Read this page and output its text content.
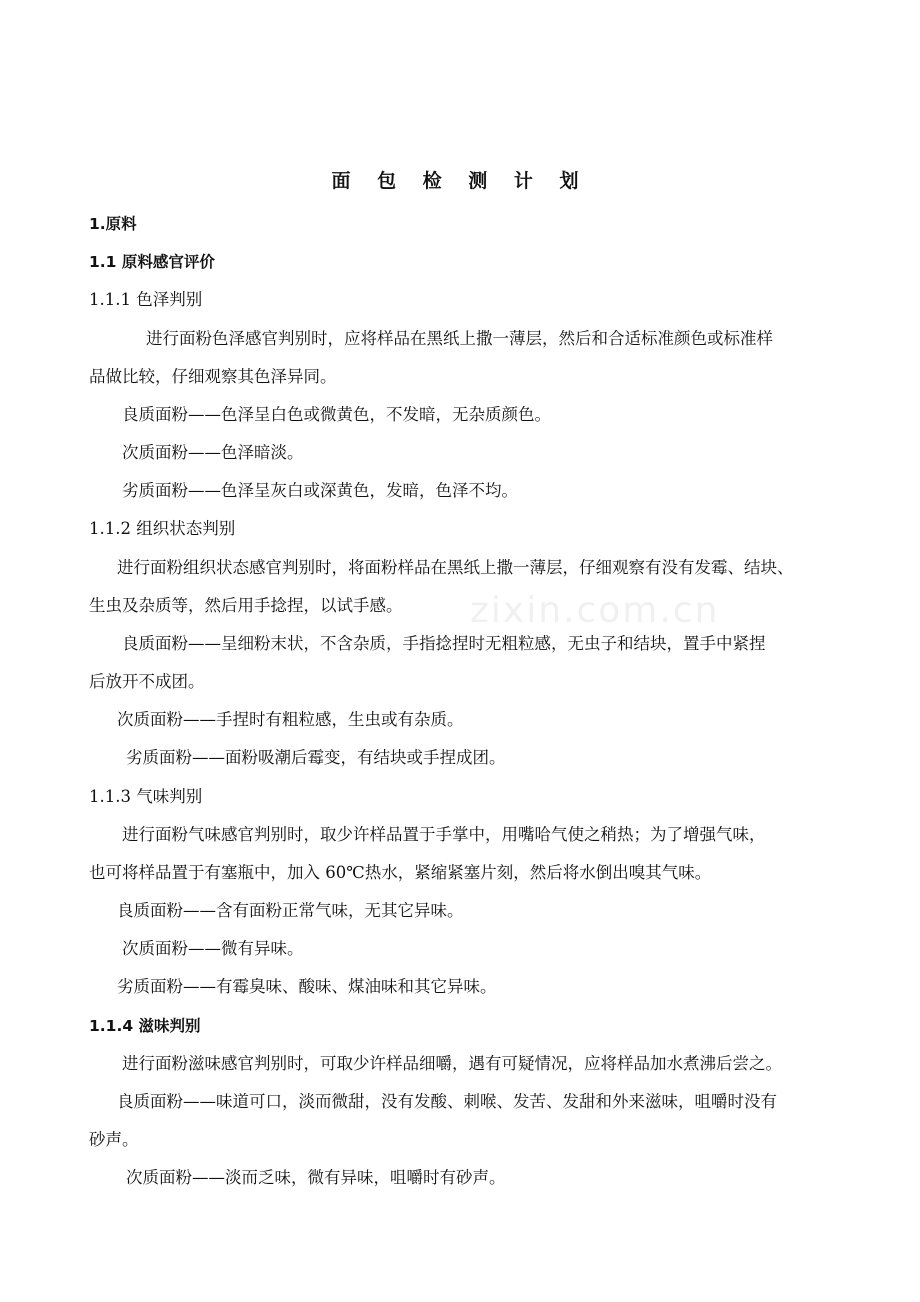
zixin.com.cn
面 包 检 测 计 划
1.原料
1.1 原料感官评价
1.1.1 色泽判别
进行面粉色泽感官判别时，应将样品在黑纸上撒一薄层，然后和合适标准颜色或标准样
品做比较，仔细观察其色泽异同。
良质面粉——色泽呈白色或微黄色，不发暗，无杂质颜色。
次质面粉——色泽暗淡。
劣质面粉——色泽呈灰白或深黄色，发暗，色泽不均。
1.1.2 组织状态判别
进行面粉组织状态感官判别时，将面粉样品在黑纸上撒一薄层，仔细观察有没有发霉、结块、
生虫及杂质等，然后用手捻捏，以试手感。
良质面粉——呈细粉末状，不含杂质，手指捻捏时无粗粒感，无虫子和结块，置手中紧捏
后放开不成团。
次质面粉——手捏时有粗粒感，生虫或有杂质。
劣质面粉——面粉吸潮后霉变，有结块或手捏成团。
1.1.3 气味判别
进行面粉气味感官判别时，取少许样品置于手掌中，用嘴哈气使之稍热；为了增强气味，
也可将样品置于有塞瓶中，加入 60℃热水，紧缩紧塞片刻，然后将水倒出嗅其气味。
良质面粉——含有面粉正常气味，无其它异味。
次质面粉——微有异味。
劣质面粉——有霉臭味、酸味、煤油味和其它异味。
1.1.4 滋味判别
进行面粉滋味感官判别时，可取少许样品细嚼，遇有可疑情况，应将样品加水煮沸后尝之。
良质面粉——味道可口，淡而微甜，没有发酸、刺喉、发苦、发甜和外来滋味，咀嚼时没有
砂声。
次质面粉——淡而乏味，微有异味，咀嚼时有砂声。
